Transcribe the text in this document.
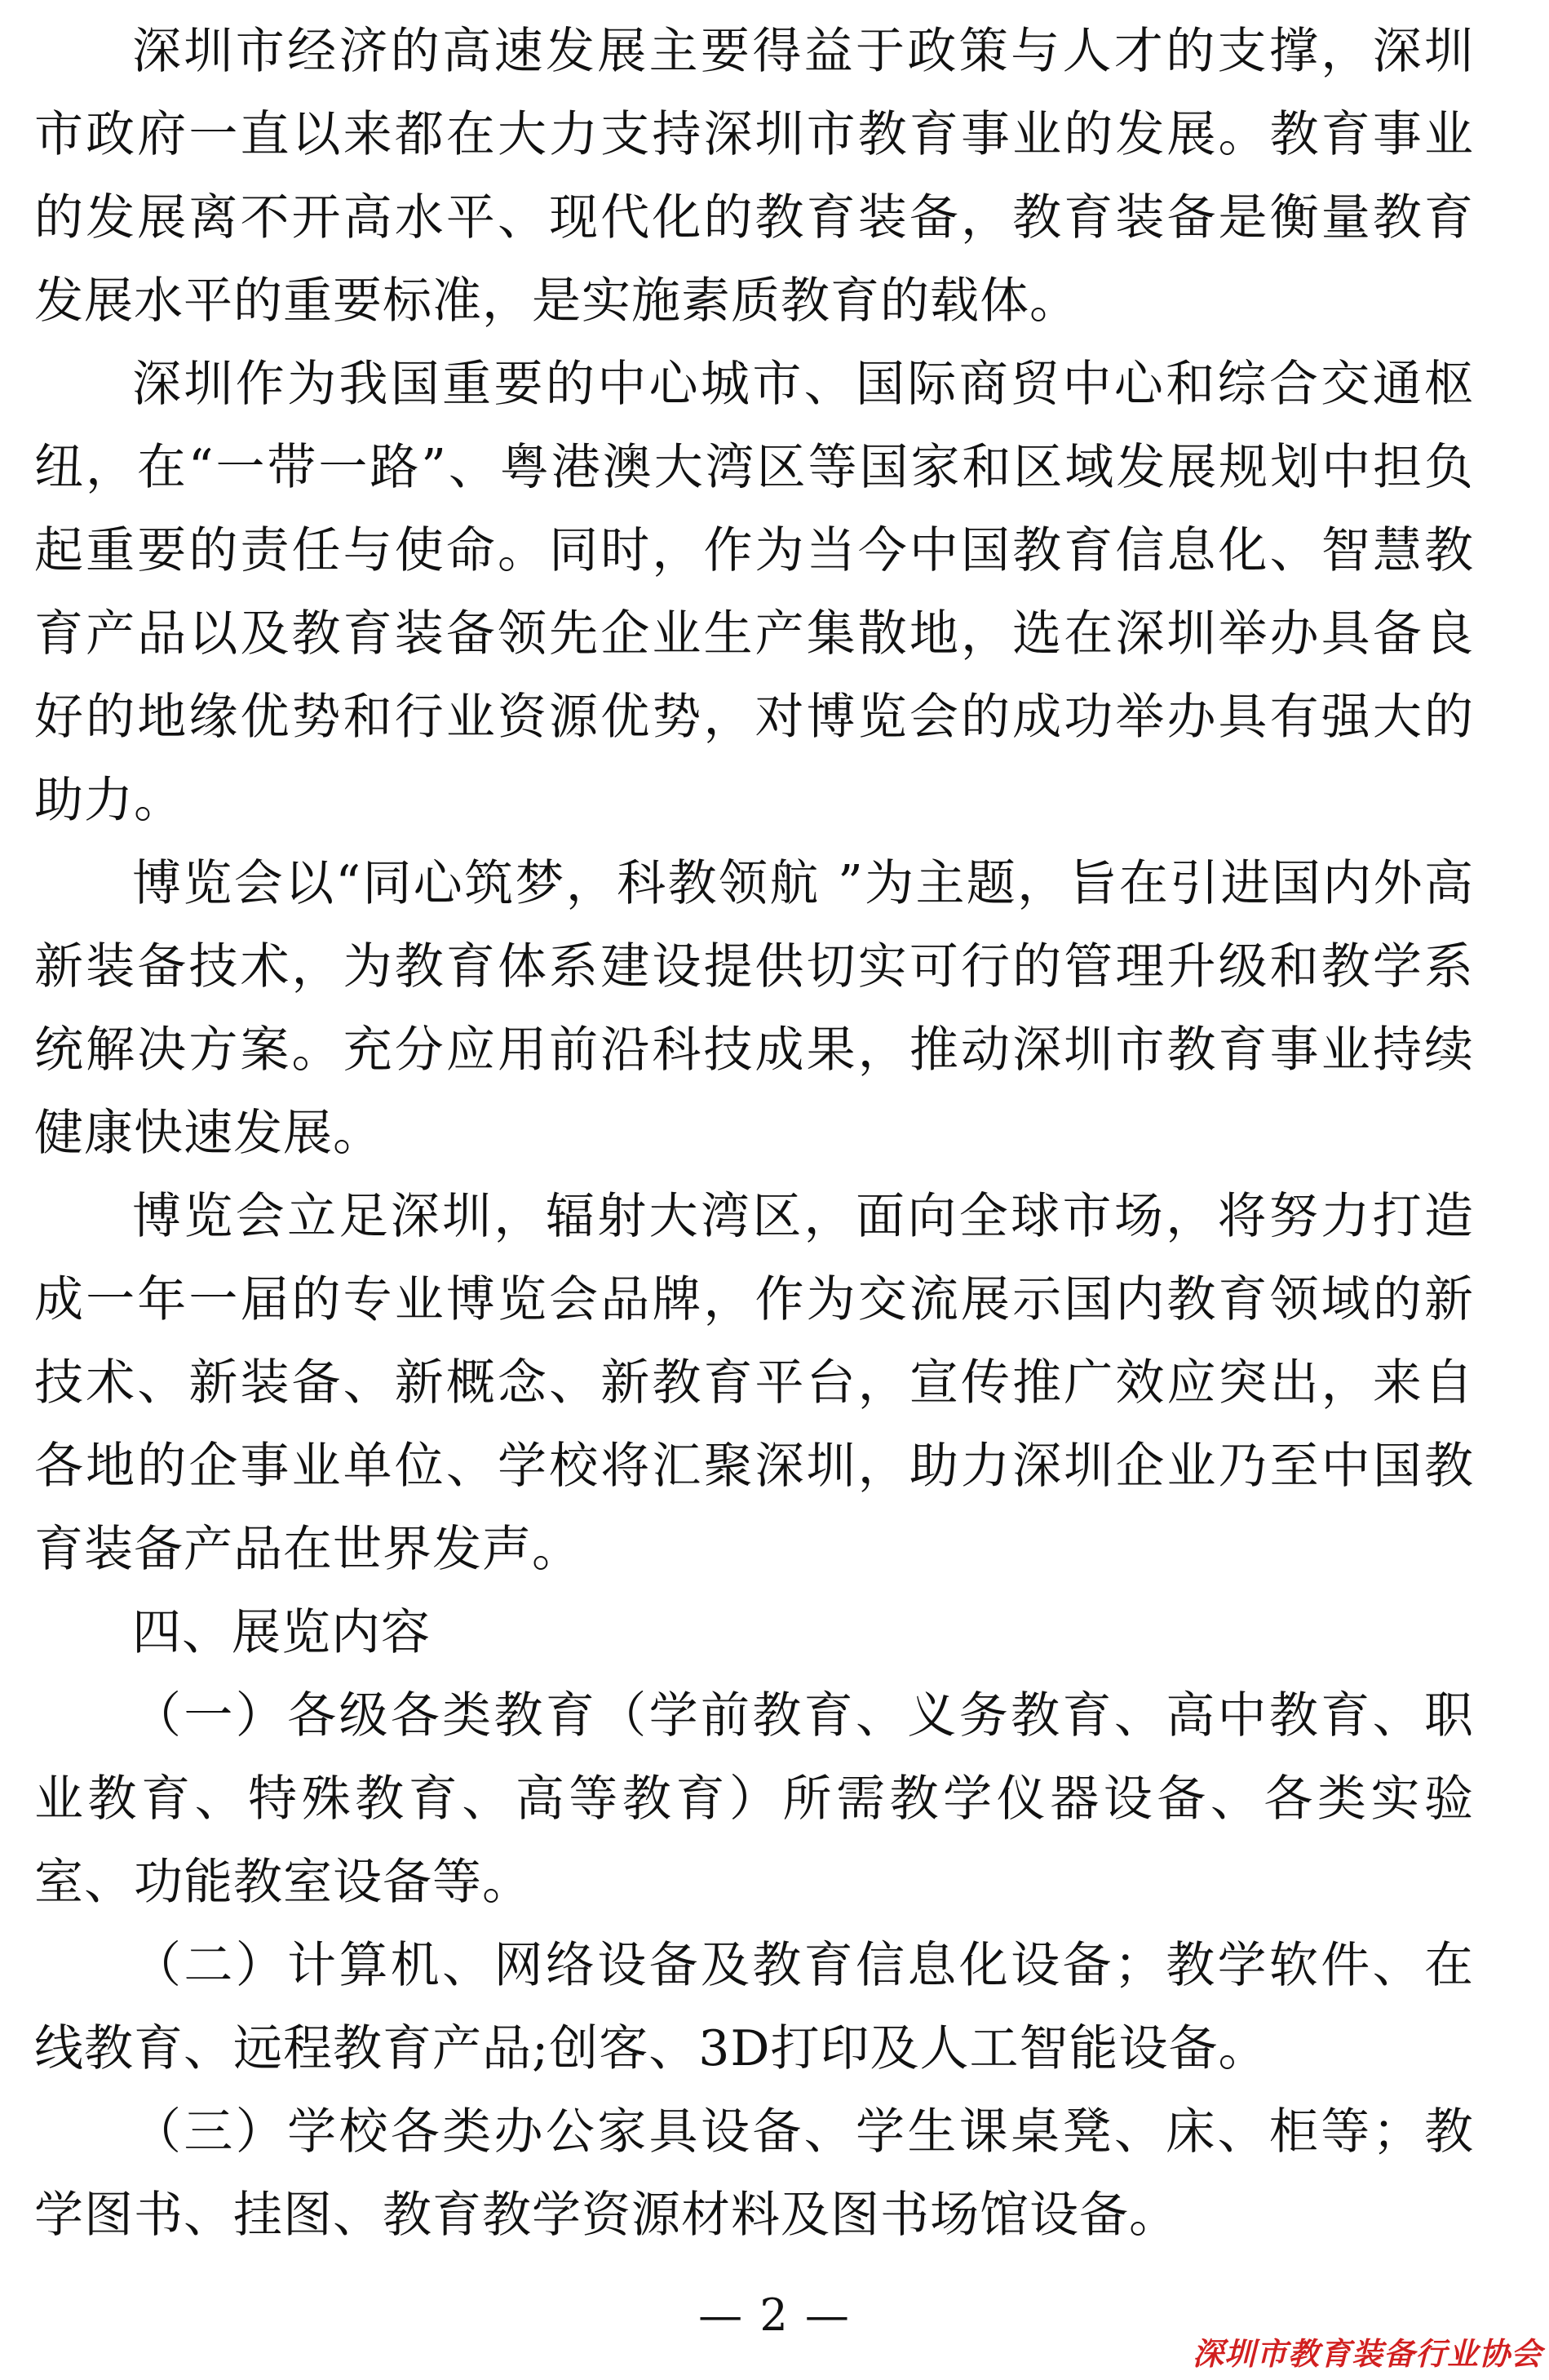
深圳市经济的高速发展主要得益于政策与人才的支撑，深圳市政府一直以来都在大力支持深圳市教育事业的发展。教育事业的发展离不开高水平、现代化的教育装备，教育装备是衡量教育发展水平的重要标准，是实施素质教育的载体。

深圳作为我国重要的中心城市、国际商贸中心和综合交通枢纽，在“一带一路”、粤港澳大湾区等国家和区域发展规划中担负起重要的责任与使命。同时，作为当今中国教育信息化、智慧教育产品以及教育装备领先企业生产集散地，选在深圳举办具备良好的地缘优势和行业资源优势，对博览会的成功举办具有强大的助力。

博览会以“同心筑梦，科教领航 ”为主题，旨在引进国内外高新装备技术，为教育体系建设提供切实可行的管理升级和教学系统解决方案。充分应用前沿科技成果，推动深圳市教育事业持续健康快速发展。

博览会立足深圳，辐射大湾区，面向全球市场，将努力打造成一年一届的专业博览会品牌，作为交流展示国内教育领域的新技术、新装备、新概念、新教育平台，宣传推广效应突出，来自各地的企事业单位、学校将汇聚深圳，助力深圳企业乃至中国教育装备产品在世界发声。

四、展览内容

（一）各级各类教育（学前教育、义务教育、高中教育、职业教育、特殊教育、高等教育）所需教学仪器设备、各类实验室、功能教室设备等。

（二）计算机、网络设备及教育信息化设备；教学软件、在线教育、远程教育产品;创客、3D打印及人工智能设备。

（三）学校各类办公家具设备、学生课桌凳、床、柜等；教学图书、挂图、教育教学资源材料及图书场馆设备。

— 2 —
深圳市教育装备行业协会
